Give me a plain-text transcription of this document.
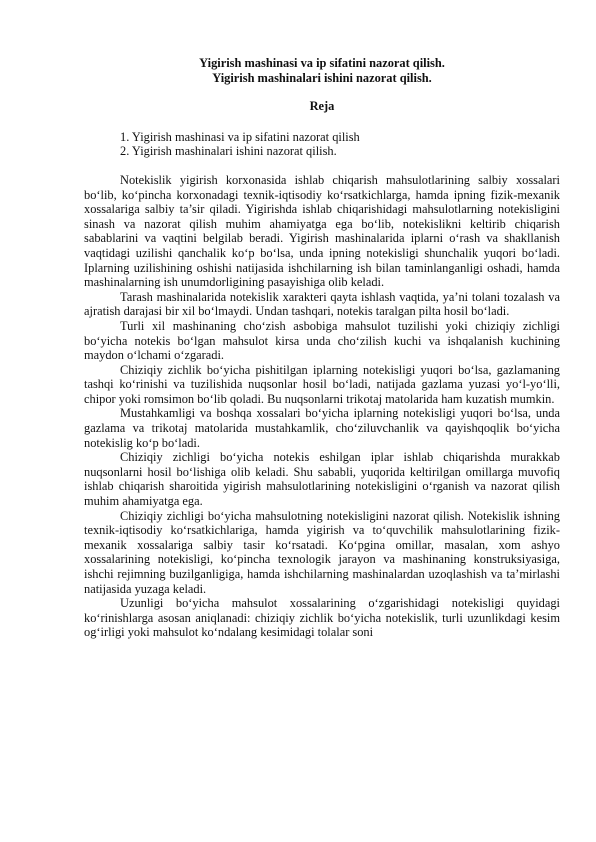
Yigirish mashinasi va ip sifatini nazorat qilish.

Yigirish mashinalari ishini nazorat qilish.

Reja

1. Yigirish mashinasi va ip sifatini nazorat qilish
2. Yigirish mashinalari ishini nazorat qilish.

Notekislik yigirish korxonasida ishlab chiqarish mahsulotlarining salbiy xossalari bo‘lib, ko‘pincha korxonadagi texnik-iqtisodiy ko‘rsatkichlarga, hamda ipning fizik-mexanik xossalariga salbiy ta’sir qiladi. Yigirishda ishlab chiqarishidagi mahsulotlarning notekisligini sinash va nazorat qilish muhim ahamiyatga ega bo‘lib, notekislikni keltirib chiqarish sabablarini va vaqtini belgilab beradi. Yigirish mashinalarida iplarni o‘rash va shakllanish vaqtidagi uzilishi qanchalik ko‘p bo‘lsa, unda ipning notekisligi shunchalik yuqori bo‘ladi. Iplarning uzilishining oshishi natijasida ishchilarning ish bilan taminlanganligi oshadi, hamda mashinalarning ish unumdorligining pasayishiga olib keladi.

Tarash mashinalarida notekislik xarakteri qayta ishlash vaqtida, ya’ni tolani tozalash va ajratish darajasi bir xil bo‘lmaydi. Undan tashqari, notekis taralgan pilta hosil bo‘ladi.

Turli xil mashinaning cho‘zish asbobiga mahsulot tuzilishi yoki chiziqiy zichligi bo‘yicha notekis bo‘lgan mahsulot kirsa unda cho‘zilish kuchi va ishqalanish kuchining maydon o‘lchami o‘zgaradi.

Chiziqiy zichlik bo‘yicha pishitilgan iplarning notekisligi yuqori bo‘lsa, gazlamaning tashqi ko‘rinishi va tuzilishida nuqsonlar hosil bo‘ladi, natijada gazlama yuzasi yo‘l-yo‘lli, chipor yoki romsimon bo‘lib qoladi. Bu nuqsonlarni trikotaj matolarida ham kuzatish mumkin.

Mustahkamligi va boshqa xossalari bo‘yicha iplarning notekisligi yuqori bo‘lsa, unda gazlama va trikotaj matolarida mustahkamlik, cho‘ziluvchanlik va qayishqoqlik bo‘yicha notekislig ko‘p bo‘ladi.

Chiziqiy zichligi bo‘yicha notekis eshilgan iplar ishlab chiqarishda murakkab nuqsonlarni hosil bo‘lishiga olib keladi. Shu sababli, yuqorida keltirilgan omillarga muvofiq ishlab chiqarish sharoitida yigirish mahsulotlarining notekisligini o‘rganish va nazorat qilish muhim ahamiyatga ega.

Chiziqiy zichligi bo‘yicha mahsulotning notekisligini nazorat qilish. Notekislik ishning texnik-iqtisodiy ko‘rsatkichlariga, hamda yigirish va to‘quvchilik mahsulotlarining fizik-mexanik xossalariga salbiy tasir ko‘rsatadi. Ko‘pgina omillar, masalan, xom ashyo xossalarining notekisligi, ko‘pincha texnologik jarayon va mashinaning konstruksiyasiga, ishchi rejimning buzilganligiga, hamda ishchilarning mashinalardan uzoqlashish va ta’mirlashi natijasida yuzaga keladi.

Uzunligi bo‘yicha mahsulot xossalarining o‘zgarishidagi notekisligi quyidagi ko‘rinishlarga asosan aniqlanadi: chiziqiy zichlik bo‘yicha notekislik, turli uzunlikdagi kesim og‘irligi yoki mahsulot ko‘ndalang kesimidagi tolalar soni
